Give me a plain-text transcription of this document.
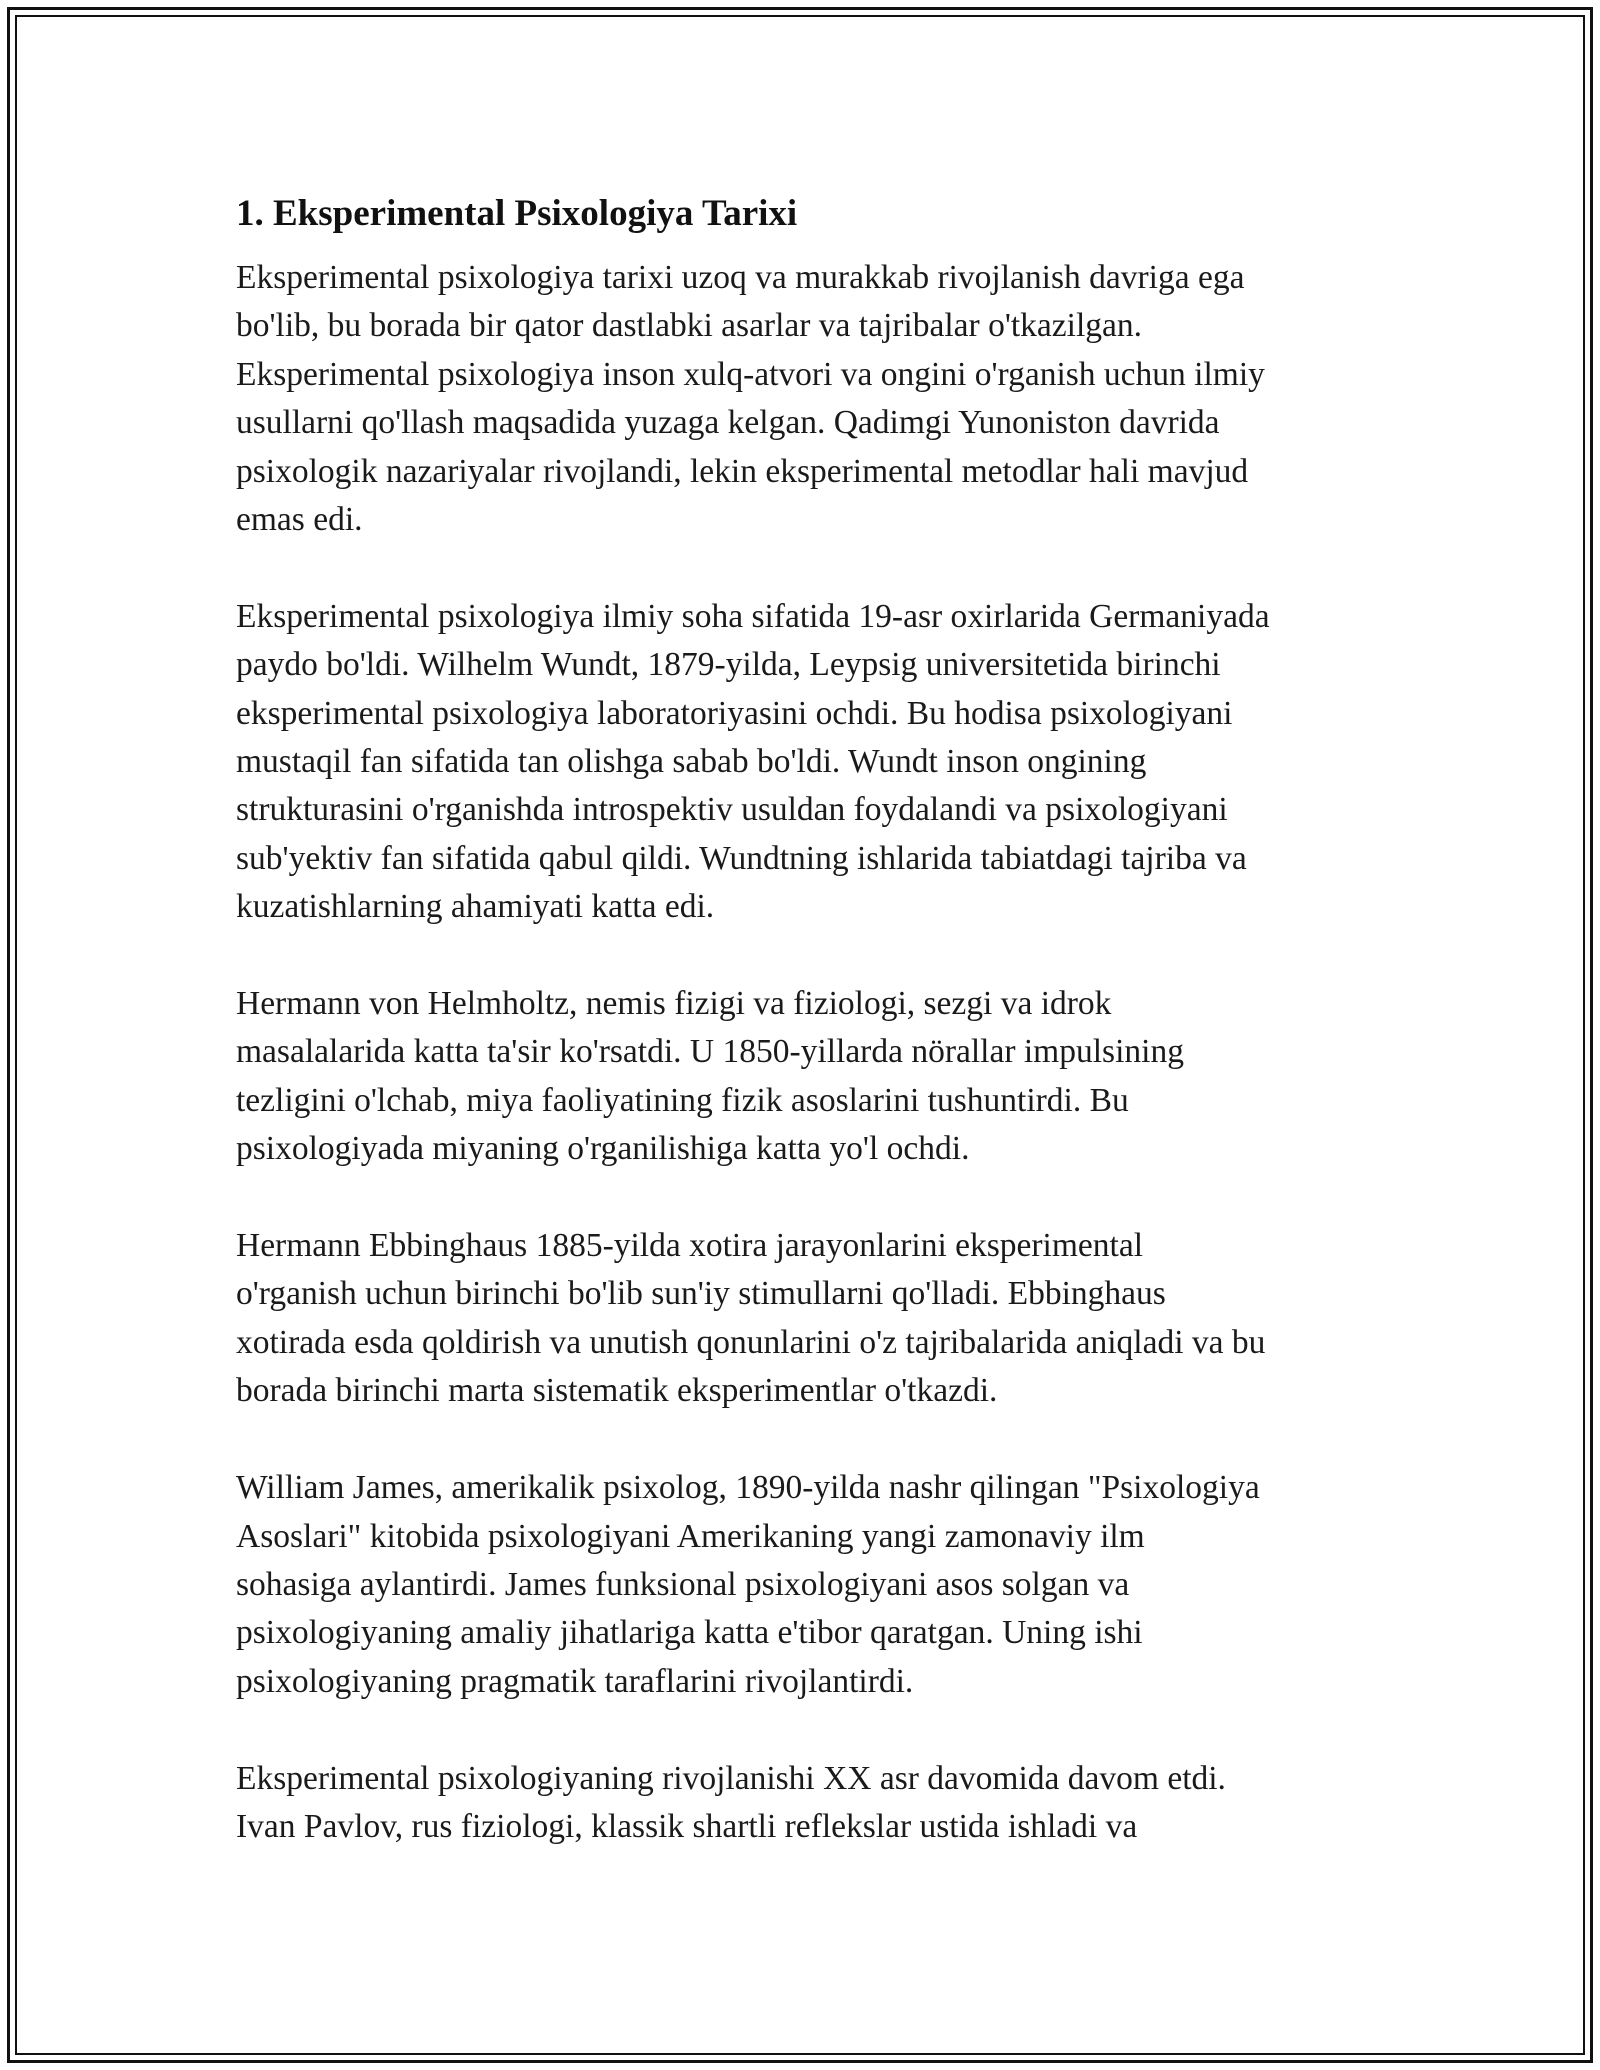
1. Eksperimental Psixologiya Tarixi
Eksperimental psixologiya tarixi uzoq va murakkab rivojlanish davriga ega
bo'lib, bu borada bir qator dastlabki asarlar va tajribalar o'tkazilgan.
Eksperimental psixologiya inson xulq-atvori va ongini o'rganish uchun ilmiy
usullarni qo'llash maqsadida yuzaga kelgan. Qadimgi Yunoniston davrida
psixologik nazariyalar rivojlandi, lekin eksperimental metodlar hali mavjud
emas edi.
Eksperimental psixologiya ilmiy soha sifatida 19-asr oxirlarida Germaniyada
paydo bo'ldi. Wilhelm Wundt, 1879-yilda, Leypsig universitetida birinchi
eksperimental psixologiya laboratoriyasini ochdi. Bu hodisa psixologiyani
mustaqil fan sifatida tan olishga sabab bo'ldi. Wundt inson ongining
strukturasini o'rganishda introspektiv usuldan foydalandi va psixologiyani
sub'yektiv fan sifatida qabul qildi. Wundtning ishlarida tabiatdagi tajriba va
kuzatishlarning ahamiyati katta edi.
Hermann von Helmholtz, nemis fizigi va fiziologi, sezgi va idrok
masalalarida katta ta'sir ko'rsatdi. U 1850-yillarda nörallar impulsining
tezligini o'lchab, miya faoliyatining fizik asoslarini tushuntirdi. Bu
psixologiyada miyaning o'rganilishiga katta yo'l ochdi.
Hermann Ebbinghaus 1885-yilda xotira jarayonlarini eksperimental
o'rganish uchun birinchi bo'lib sun'iy stimullarni qo'lladi. Ebbinghaus
xotirada esda qoldirish va unutish qonunlarini o'z tajribalarida aniqladi va bu
borada birinchi marta sistematik eksperimentlar o'tkazdi.
William James, amerikalik psixolog, 1890-yilda nashr qilingan "Psixologiya
Asoslari" kitobida psixologiyani Amerikaning yangi zamonaviy ilm
sohasiga aylantirdi. James funksional psixologiyani asos solgan va
psixologiyaning amaliy jihatlariga katta e'tibor qaratgan. Uning ishi
psixologiyaning pragmatik taraflarini rivojlantirdi.
Eksperimental psixologiyaning rivojlanishi XX asr davomida davom etdi.
Ivan Pavlov, rus fiziologi, klassik shartli reflekslar ustida ishladi va
